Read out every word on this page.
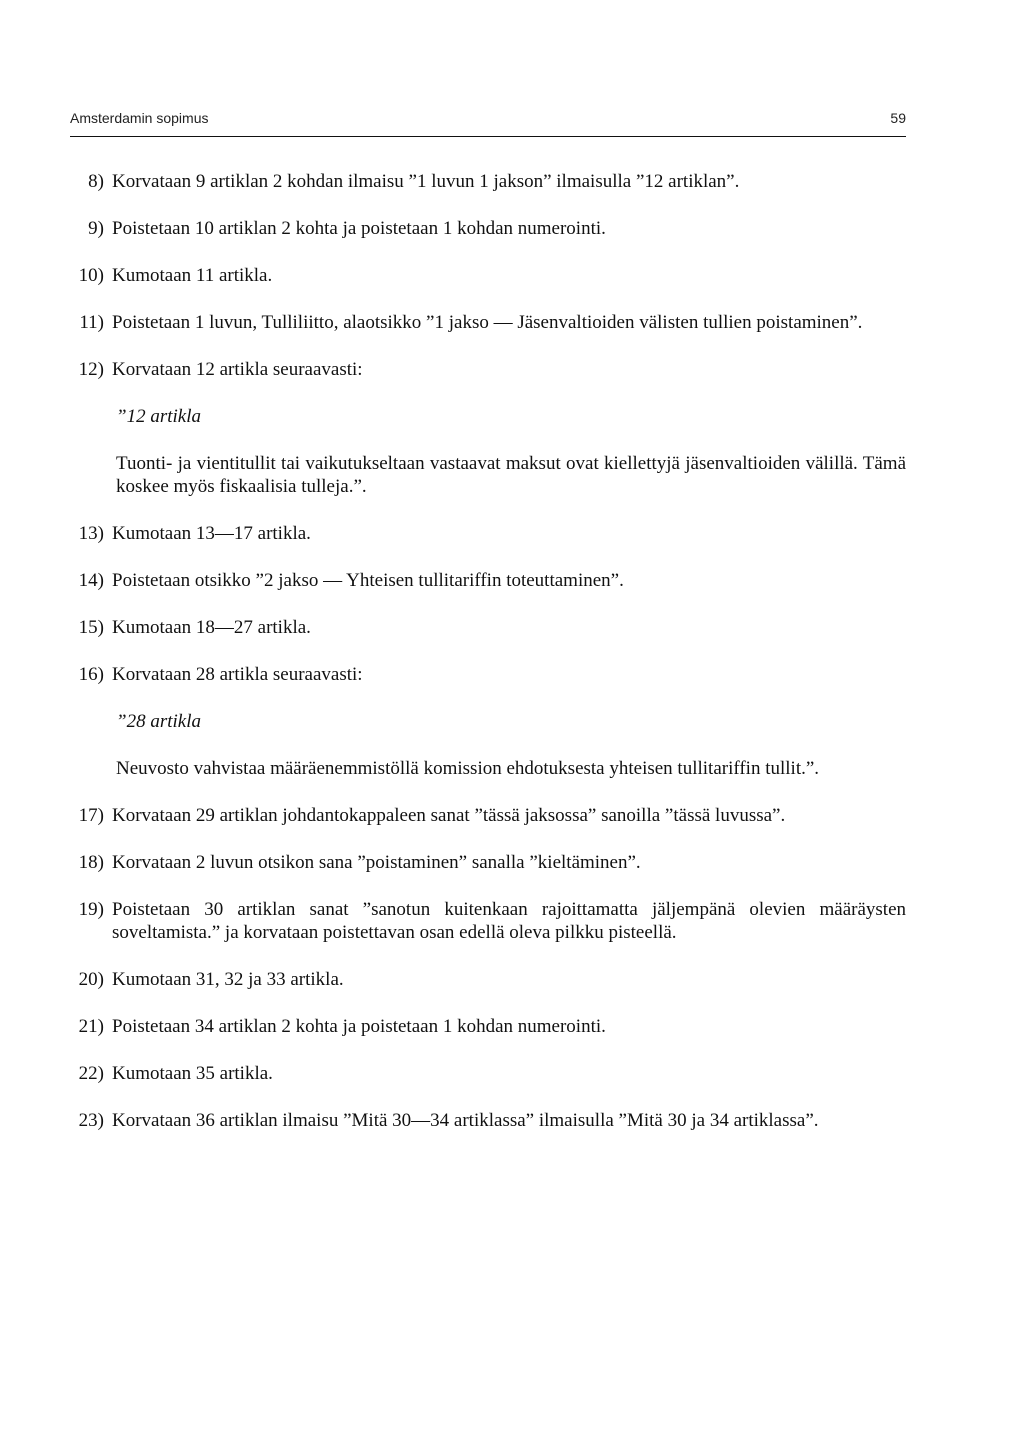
Amsterdamin sopimus	59
8) Korvataan 9 artiklan 2 kohdan ilmaisu ”1 luvun 1 jakson” ilmaisulla ”12 artiklan”.
9) Poistetaan 10 artiklan 2 kohta ja poistetaan 1 kohdan numerointi.
10) Kumotaan 11 artikla.
11) Poistetaan 1 luvun, Tulliliitto, alaotsikko ”1 jakso — Jäsenvaltioiden välisten tullien poistaminen”.
12) Korvataan 12 artikla seuraavasti:
”12 artikla
Tuonti- ja vientitullit tai vaikutukseltaan vastaavat maksut ovat kiellettyjä jäsenvaltioiden välillä. Tämä koskee myös fiskaalisia tulleja.”.
13) Kumotaan 13—17 artikla.
14) Poistetaan otsikko ”2 jakso — Yhteisen tullitariffin toteuttaminen”.
15) Kumotaan 18—27 artikla.
16) Korvataan 28 artikla seuraavasti:
”28 artikla
Neuvosto vahvistaa määräenemmistöllä komission ehdotuksesta yhteisen tullitariffin tullit.”.
17) Korvataan 29 artiklan johdantokappaleen sanat ”tässä jaksossa” sanoilla ”tässä luvussa”.
18) Korvataan 2 luvun otsikon sana ”poistaminen” sanalla ”kieltäminen”.
19) Poistetaan 30 artiklan sanat ”sanotun kuitenkaan rajoittamatta jäljempänä olevien määräysten soveltamista.” ja korvataan poistettavan osan edellä oleva pilkku pisteellä.
20) Kumotaan 31, 32 ja 33 artikla.
21) Poistetaan 34 artiklan 2 kohta ja poistetaan 1 kohdan numerointi.
22) Kumotaan 35 artikla.
23) Korvataan 36 artiklan ilmaisu ”Mitä 30—34 artiklassa” ilmaisulla ”Mitä 30 ja 34 artiklassa”.
